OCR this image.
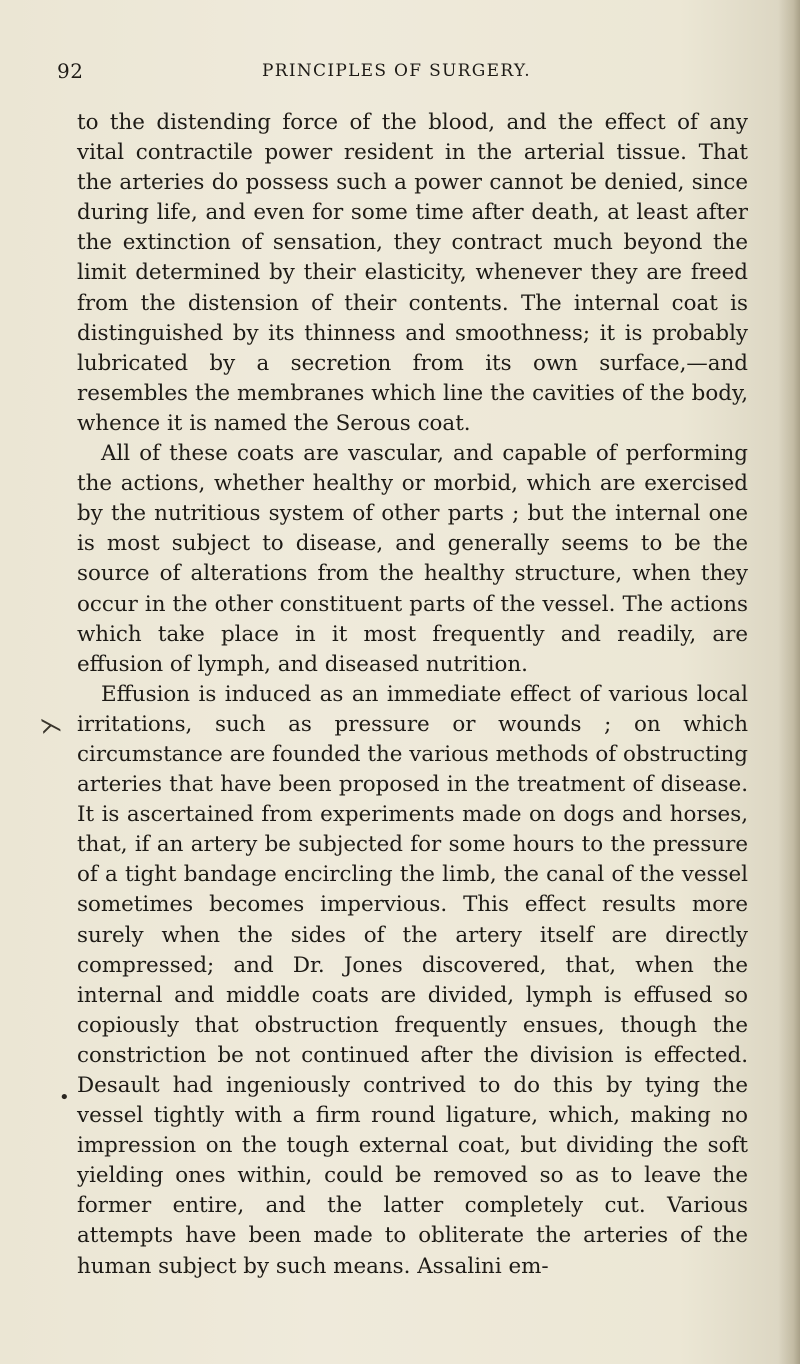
92	PRINCIPLES OF SURGERY.
⋋
•

to the distending force of the blood, and the effect of any vital contractile power resident in the arterial tissue. That the arteries do possess such a power cannot be denied, since during life, and even for some time after death, at least after the extinction of sensation, they contract much beyond the limit determined by their elasticity, whenever they are freed from the distension of their contents. The internal coat is distinguished by its thinness and smoothness; it is probably lubricated by a secretion from its own surface,—and resembles the membranes which line the cavities of the body, whence it is named the Serous coat.

All of these coats are vascular, and capable of performing the actions, whether healthy or morbid, which are exercised by the nutritious system of other parts ; but the internal one is most subject to disease, and generally seems to be the source of alterations from the healthy structure, when they occur in the other constituent parts of the vessel. The actions which take place in it most frequently and readily, are effusion of lymph, and diseased nutrition.

Effusion is induced as an immediate effect of various local irritations, such as pressure or wounds ; on which circumstance are founded the various methods of obstructing arteries that have been proposed in the treatment of disease. It is ascertained from experiments made on dogs and horses, that, if an artery be subjected for some hours to the pressure of a tight bandage encircling the limb, the canal of the vessel sometimes becomes impervious. This effect results more surely when the sides of the artery itself are directly compressed; and Dr. Jones discovered, that, when the internal and middle coats are divided, lymph is effused so copiously that obstruction frequently ensues, though the constriction be not continued after the division is effected. Desault had ingeniously contrived to do this by tying the vessel tightly with a firm round ligature, which, making no impression on the tough external coat, but dividing the soft yielding ones within, could be removed so as to leave the former entire, and the latter completely cut. Various attempts have been made to obliterate the arteries of the human subject by such means. Assalini em-
